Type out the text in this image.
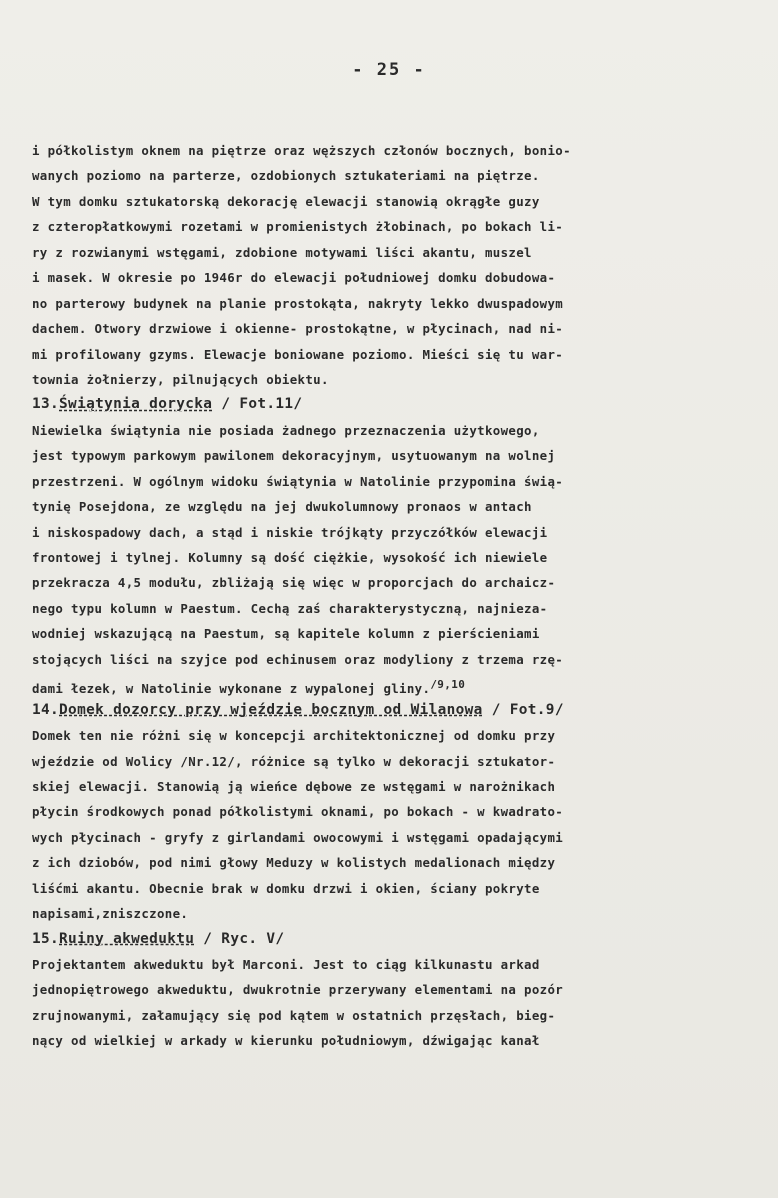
- 25 -
i półkolistym oknem na piętrze oraz węższych członów bocznych, bonio-
wanych poziomo na parterze, ozdobionych sztukateriami na piętrze.
W tym domku sztukatorską dekorację elewacji stanowią okrągłe guzy
z czteropłatkowymi rozetami w promienistych żłobinach, po bokach li-
ry z rozwianymi wstęgami, zdobione motywami liści akantu, muszel
i masek. W okresie po 1946r do elewacji południowej domku dobudowa-
no parterowy budynek na planie prostokąta, nakryty lekko dwuspadowym
dachem. Otwory drzwiowe i okienne- prostokątne, w płycinach, nad ni-
mi profilowany gzyms. Elewacje boniowane poziomo. Mieści się tu war-
townia żołnierzy, pilnujących obiektu.
13.Świątynia dorycka / Fot.11/
Niewielka świątynia nie posiada żadnego przeznaczenia użytkowego,
jest typowym parkowym pawilonem dekoracyjnym, usytuowanym na wolnej
przestrzeni. W ogólnym widoku świątynia w Natolinie przypomina świą-
tynię Posejdona, ze względu na jej dwukolumnowy pronaos w antach
i niskospadowy dach, a stąd i niskie trójkąty przyczółków elewacji
frontowej i tylnej. Kolumny są dość ciężkie, wysokość ich niewiele
przekracza 4,5 modułu, zbliżają się więc w proporcjach do archaicz-
nego typu kolumn w Paestum. Cechą zaś charakterystyczną, najnieza-
wodniej wskazującą na Paestum, są kapitele kolumn z pierścieniami
stojących liści na szyjce pod echinusem oraz modyliony z trzema rzę-
dami łezek, w Natolinie wykonane z wypalonej gliny.$^{/9,10}$
14.Domek dozorcy przy wjeździe bocznym od Wilanowa / Fot.9/
Domek ten nie różni się w koncepcji architektonicznej od domku przy
wjeździe od Wolicy /Nr.12/, różnice są tylko w dekoracji sztukator-
skiej elewacji. Stanowią ją wieńce dębowe ze wstęgami w narożnikach
płycin środkowych ponad półkolistymi oknami, po bokach - w kwadrato-
wych płycinach - gryfy z girlandami owocowymi i wstęgami opadającymi
z ich dziobów, pod nimi głowy Meduzy w kolistych medalionach między
liśćmi akantu. Obecnie brak w domku drzwi i okien, ściany pokryte
napisami,zniszczone.
15.Ruiny akweduktu / Ryc. V/
Projektantem akweduktu był Marconi. Jest to ciąg kilkunastu arkad
jednopiętrowego akweduktu, dwukrotnie przerywany elementami na pozór
zrujnowanymi, załamujący się pod kątem w ostatnich przęsłach, bieg-
nący od wielkiej w arkady w kierunku południowym, dźwigając kanał
